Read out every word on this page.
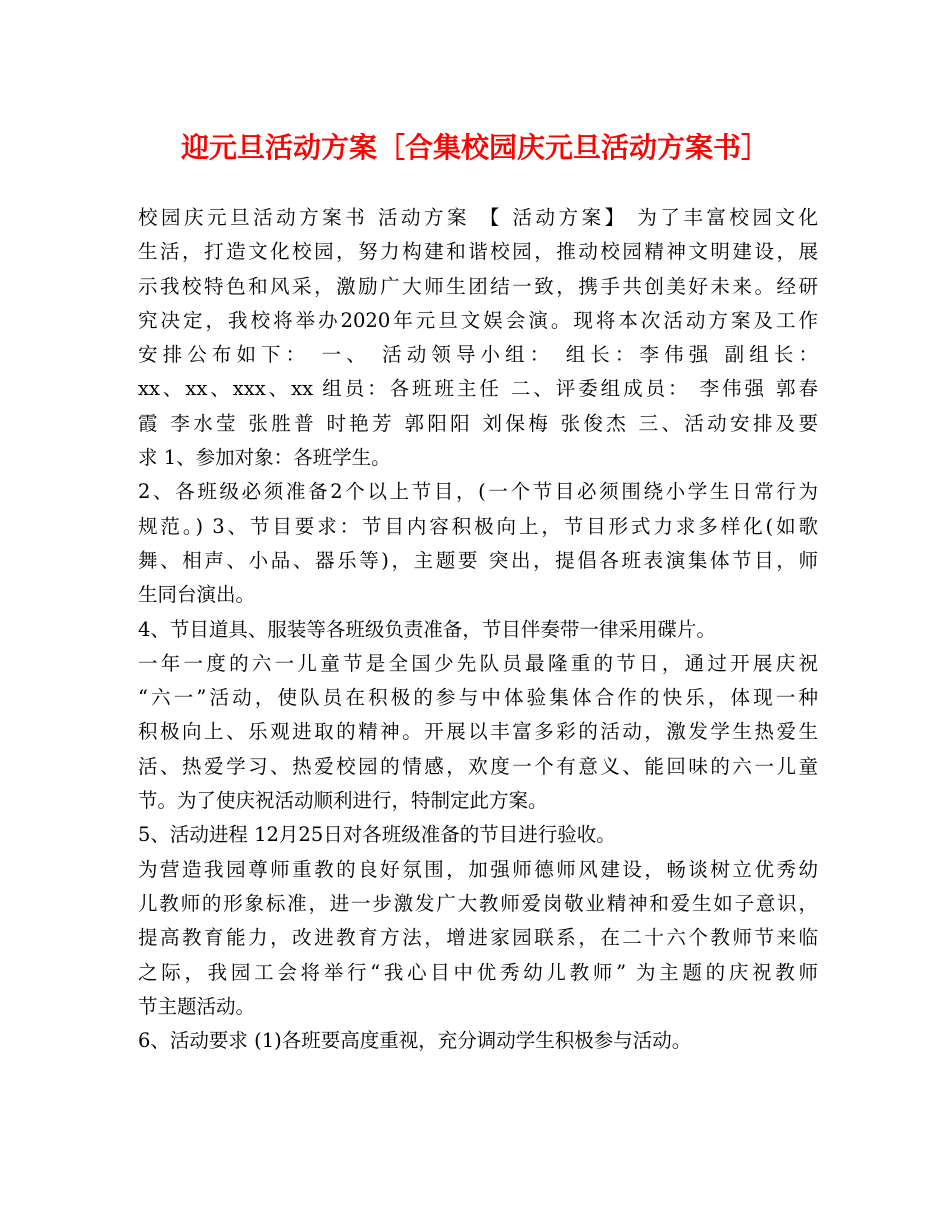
迎元旦活动方案［合集校园庆元旦活动方案书］
校园庆元旦活动方案书 活动方案 【 活动方案】 为了丰富校园文化
生活，打造文化校园，努力构建和谐校园，推动校园精神文明建设，展
示我校特色和风采，激励广大师生团结一致，携手共创美好未来。经研
究决定，我校将举办2020年元旦文娱会演。现将本次活动方案及工作
安排公布如下： 一、 活动领导小组： 组长：李伟强 副组长：
xx、xx、xxx、xx 组员：各班班主任 二、评委组成员： 李伟强 郭春
霞 李水莹 张胜普 时艳芳 郭阳阳 刘保梅 张俊杰 三、活动安排及要
求 1、参加对象：各班学生。
2、各班级必须准备2个以上节目，(一个节目必须围绕小学生日常行为
规范。) 3、节目要求：节目内容积极向上，节目形式力求多样化(如歌
舞、相声、小品、器乐等)，主题要 突出，提倡各班表演集体节目，师
生同台演出。
4、节目道具、服装等各班级负责准备，节目伴奏带一律采用碟片。
一年一度的六一儿童节是全国少先队员最隆重的节日，通过开展庆祝
“六一”活动，使队员在积极的参与中体验集体合作的快乐，体现一种
积极向上、乐观进取的精神。开展以丰富多彩的活动，激发学生热爱生
活、热爱学习、热爱校园的情感，欢度一个有意义、能回味的六一儿童
节。为了使庆祝活动顺利进行，特制定此方案。
5、活动进程 12月25日对各班级准备的节目进行验收。
为营造我园尊师重教的良好氛围，加强师德师风建设，畅谈树立优秀幼
儿教师的形象标准，进一步激发广大教师爱岗敬业精神和爱生如子意识，
提高教育能力，改进教育方法，增进家园联系，在二十六个教师节来临
之际，我园工会将举行“我心目中优秀幼儿教师” 为主题的庆祝教师
节主题活动。
6、活动要求 (1)各班要高度重视，充分调动学生积极参与活动。
